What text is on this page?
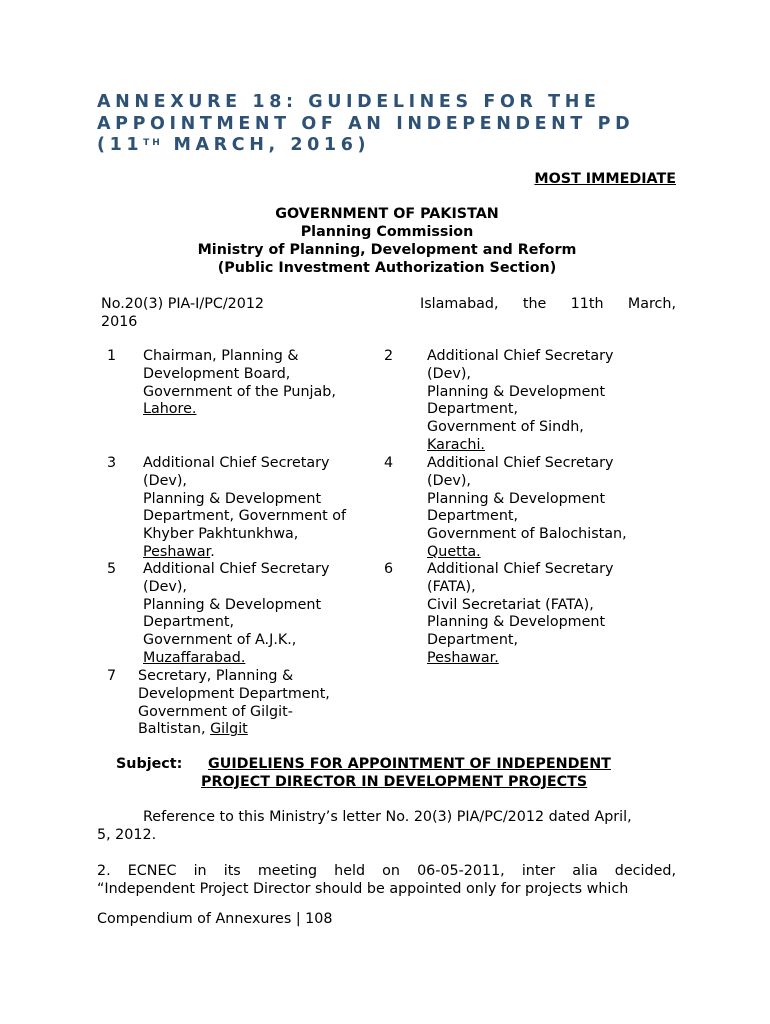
ANNEXURE 18: GUIDELINES FOR THE
APPOINTMENT OF AN INDEPENDENT PD
(11TH MARCH, 2016)
MOST IMMEDIATE
GOVERNMENT OF PAKISTAN
Planning Commission
Ministry of Planning, Development and Reform
(Public Investment Authorization Section)
No.20(3) PIA-I/PC/2012
2016
Islamabad, the 11th March,
1 Chairman, Planning &
Development Board,
Government of the Punjab,
Lahore.
2 Additional Chief Secretary
(Dev),
Planning & Development
Department,
Government of Sindh,
Karachi.
3 Additional Chief Secretary
(Dev),
Planning & Development
Department, Government of
Khyber Pakhtunkhwa,
Peshawar.
4 Additional Chief Secretary
(Dev),
Planning & Development
Department,
Government of Balochistan,
Quetta.
5 Additional Chief Secretary
(Dev),
Planning & Development
Department,
Government of A.J.K.,
Muzaffarabad.
6 Additional Chief Secretary
(FATA),
Civil Secretariat (FATA),
Planning & Development
Department,
Peshawar.
7 Secretary, Planning &
Development Department,
Government of Gilgit-
Baltistan, Gilgit
Subject: GUIDELIENS FOR APPOINTMENT OF INDEPENDENT
PROJECT DIRECTOR IN DEVELOPMENT PROJECTS
Reference to this Ministry’s letter No. 20(3) PIA/PC/2012 dated April,
5, 2012.
2. ECNEC in its meeting held on 06-05-2011, inter alia decided,
“Independent Project Director should be appointed only for projects which
Compendium of Annexures | 108
